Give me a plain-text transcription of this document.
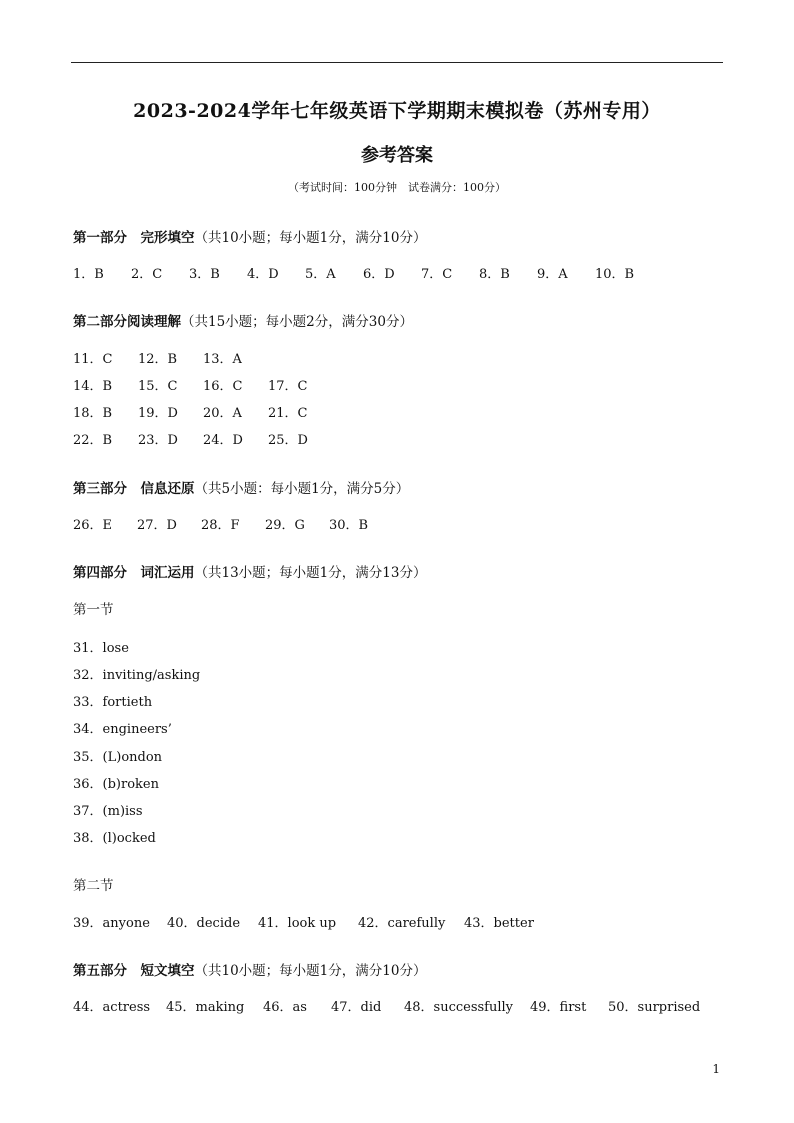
2023-2024学年七年级英语下学期期末模拟卷（苏州专用）
参考答案
（考试时间：100分钟　试卷满分：100分）
第一部分　完形填空（共10小题；每小题1分，满分10分）
1．B 2．C 3．B 4．D 5．A 6．D 7．C 8．B 9．A 10．B
第二部分阅读理解（共15小题；每小题2分，满分30分）
11．C 12．B 13．A
14．B 15．C 16．C 17．C
18．B 19．D 20．A 21．C
22．B 23．D 24．D 25．D
第三部分　信息还原（共5小题：每小题1分，满分5分）
26．E 27．D 28．F 29．G 30．B
第四部分　词汇运用（共13小题；每小题1分，满分13分）
第一节
31．lose
32．inviting/asking
33．fortieth
34．engineers’
35．(L)ondon
36．(b)roken
37．(m)iss
38．(l)ocked
第二节
39．anyone 40．decide 41．look up 42．carefully 43．better
第五部分　短文填空（共10小题；每小题1分，满分10分）
44．actress 45．making 46．as 47．did 48．successfully 49．first 50．surprised
1
